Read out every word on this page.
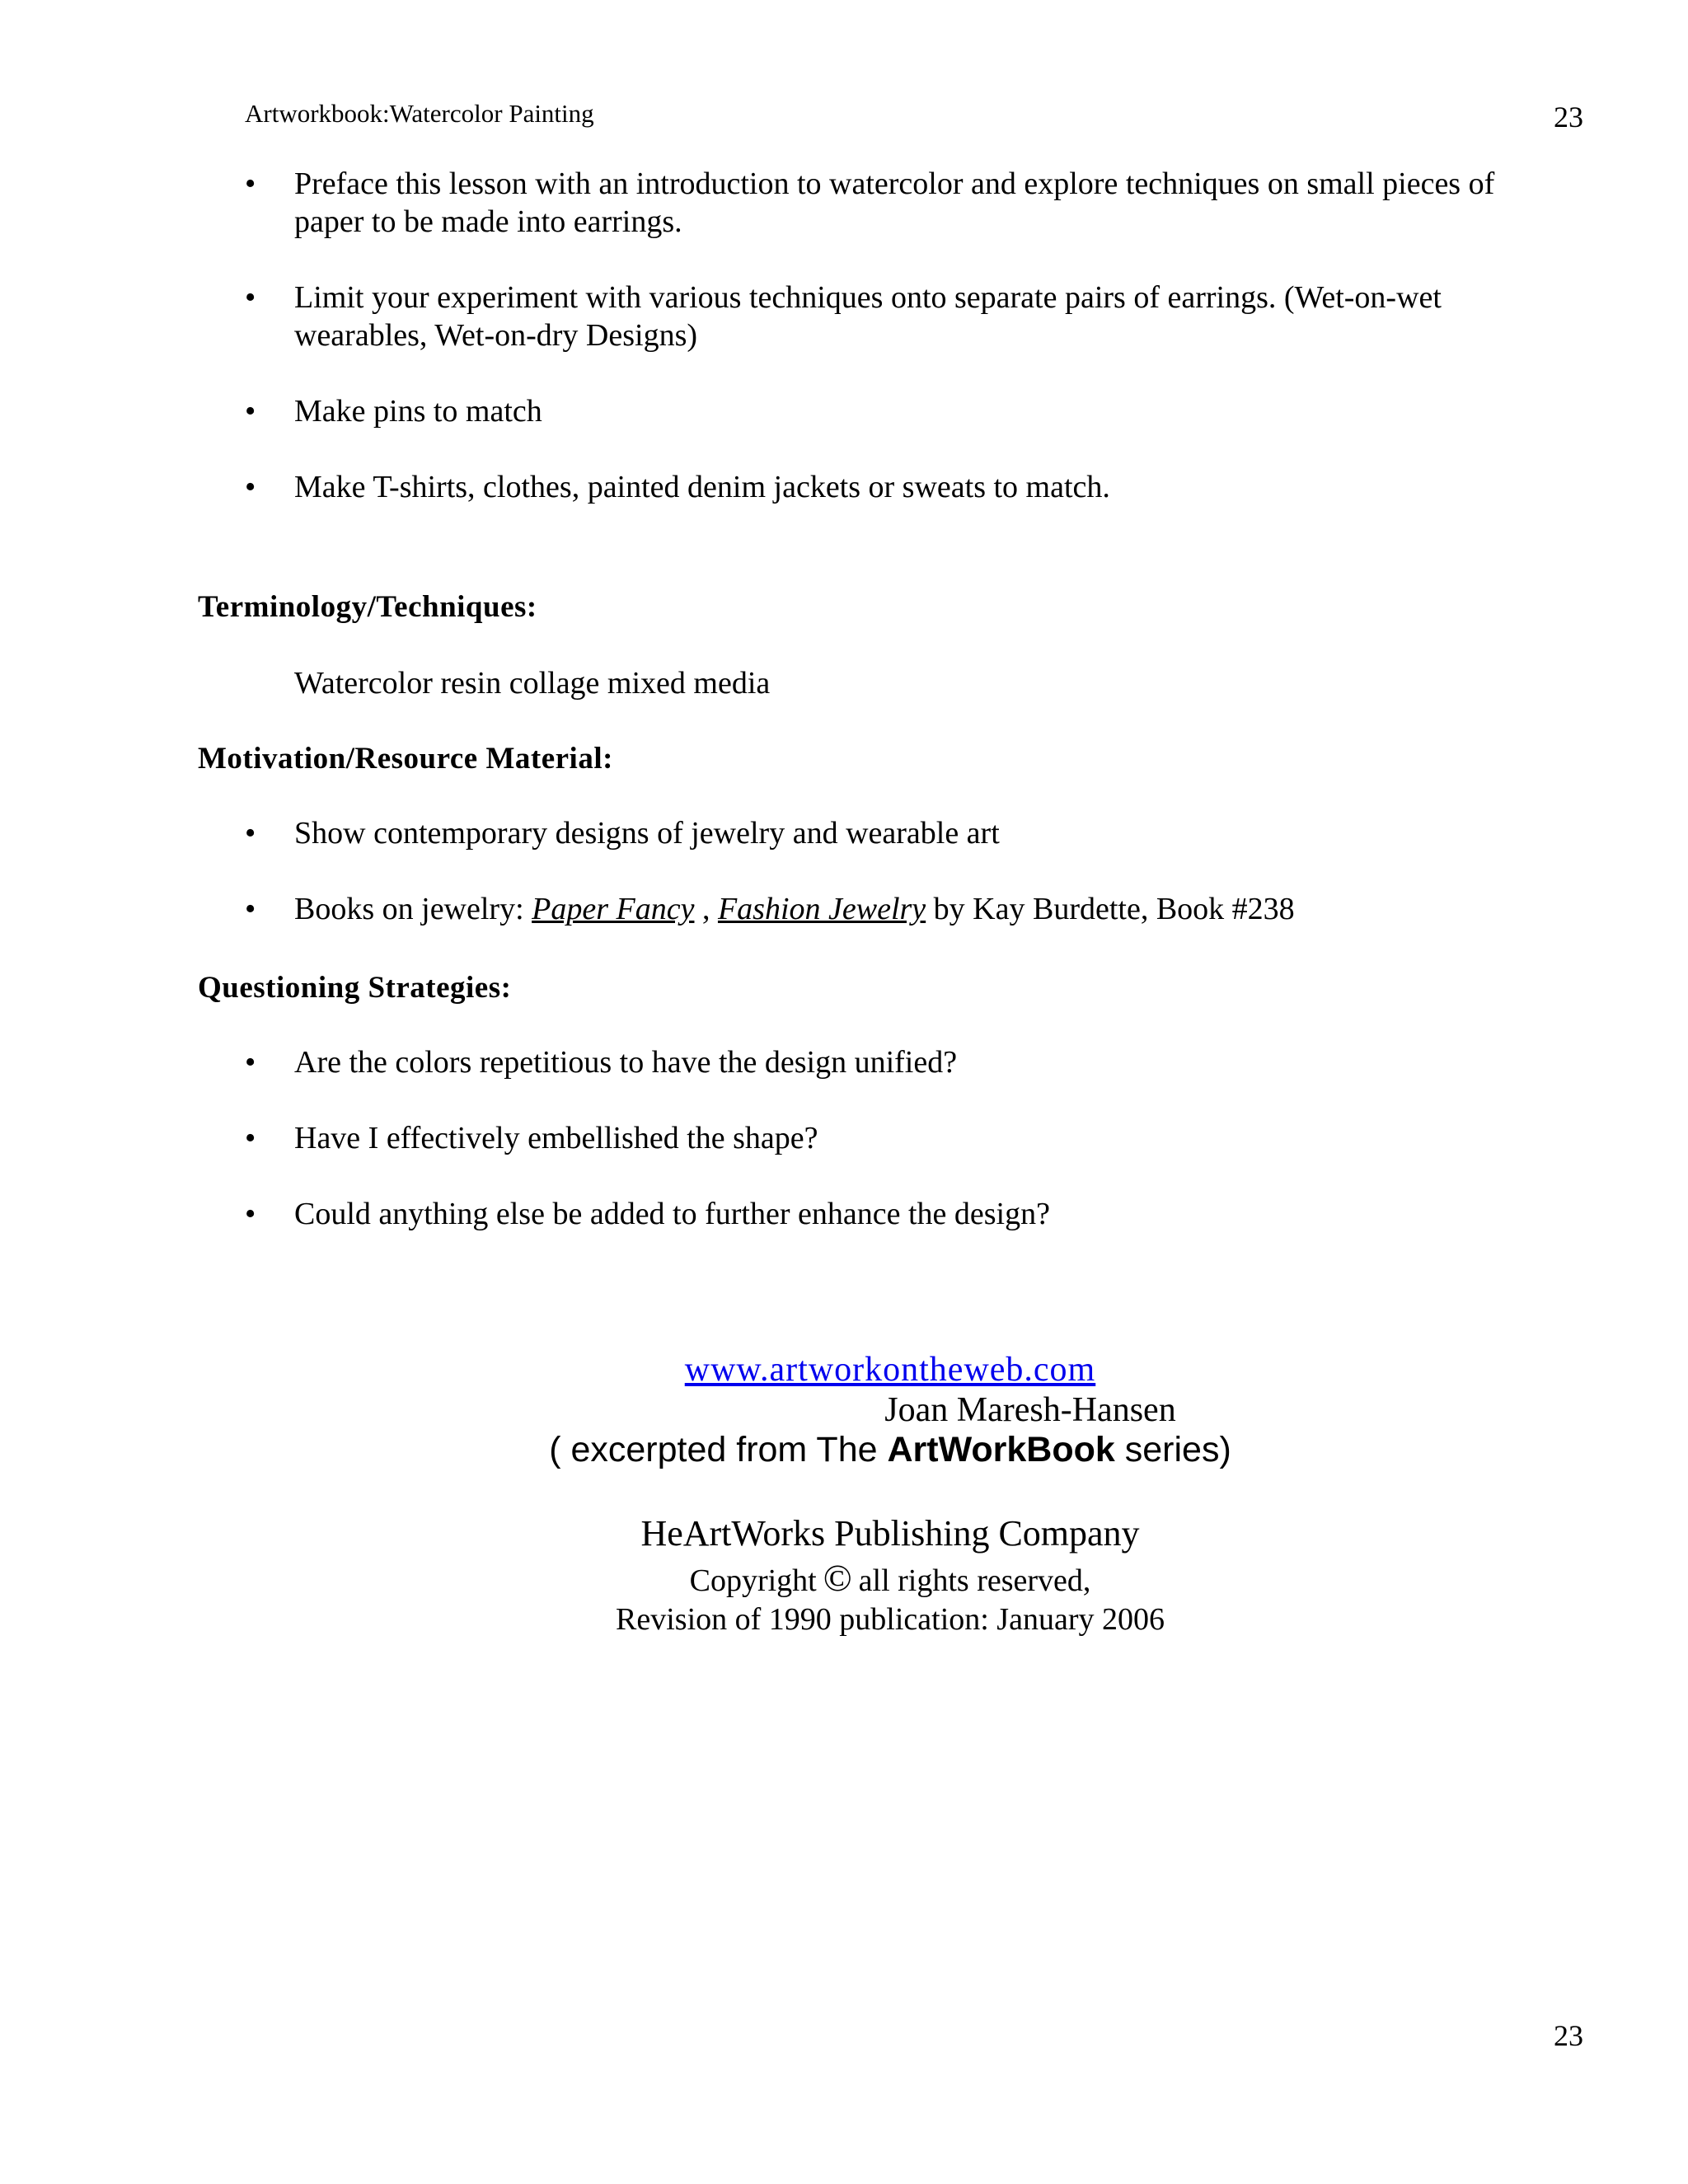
Artworkbook:Watercolor Painting	23
•	Preface this lesson with an introduction to watercolor and explore techniques on small pieces of
paper to be made into earrings.
•	Limit your experiment with various techniques onto separate pairs of earrings. (Wet-on-wet
wearables, Wet-on-dry Designs)
•	Make pins to match
•	Make T-shirts, clothes, painted denim jackets or sweats to match.
Terminology/Techniques:
Watercolor resin collage mixed media
Motivation/Resource Material:
•	Show contemporary designs of jewelry and wearable art
•	Books on jewelry: Paper Fancy , Fashion Jewelry by Kay Burdette, Book #238
Questioning Strategies:
•	Are the colors repetitious to have the design unified?
•	Have I effectively embellished the shape?
•	Could anything else be added to further enhance the design?
www.artworkontheweb.com
Joan Maresh-Hansen
( excerpted from The ArtWorkBook series)
HeArtWorks Publishing Company
Copyright © all rights reserved,
Revision of 1990 publication: January 2006
23
